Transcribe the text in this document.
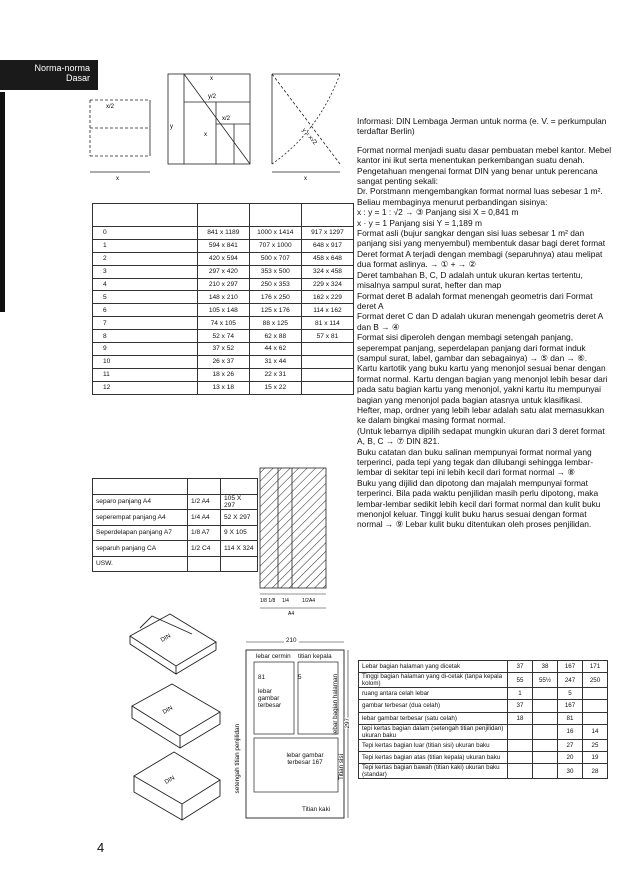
Norma-norma
Dasar
x/2
x
y/2
x/2
y
x
x
y = x√2
x

0	841 x 1189	1000 x 1414	917 x 1297
1	594 x 841	707 x 1000	648 x 917
2	420 x 594	500 x 707	458 x 648
3	297 x 420	353 x 500	324 x 458
4	210 x 297	250 x 353	229 x 324
5	148 x 210	176 x 250	162 x 229
6	105 x 148	125 x 176	114 x 162
7	74 x 105	88 x 125	81 x 114
8	52 x 74	62 x 88	57 x 81
9	37 x 52	44 x 62	
10	26 x 37	31 x 44	
11	18 x 26	22 x 31	
12	13 x 18	15 x 22	

Informasi: DIN Lembaga Jerman untuk norma (e. V. = perkumpulan terdaftar Berlin)

Format normal menjadi suatu dasar pembuatan mebel kantor. Mebel kantor ini ikut serta menentukan perkembangan suatu denah. Pengetahuan mengenai format DIN yang benar untuk perencana sangat penting sekali:

Dr. Porstmann mengembangkan format normal luas sebesar 1 m². Beliau membaginya menurut perbandingan sisinya:

x : y = 1 : √2 → ③ Panjang sisi X = 0,841 m

x · y = 1 Panjang sisi Y = 1,189 m

Format asli (bujur sangkar dengan sisi luas sebesar 1 m² dan panjang sisi yang menyembul) membentuk dasar bagi deret format

Deret format A terjadi dengan membagi (separuhnya) atau melipat dua format aslinya. → ① + → ②

Deret tambahan B, C, D adalah untuk ukuran kertas tertentu, misalnya sampul surat, hefter dan map

Format deret B adalah format menengah geometris dari Format deret A

Format deret C dan D adalah ukuran menengah geometris deret A dan B → ④

Format sisi diperoleh dengan membagi setengah panjang, seperempat panjang, seperdelapan panjang dari format induk (sampul surat, label, gambar dan sebagainya) → ⑤ dan → ⑥.

Kartu kartotik yang buku kartu yang menonjol sesuai benar dengan format normal. Kartu dengan bagian yang menonjol lebih besar dari pada satu bagian kartu yang menonjol, yakni kartu itu mempunyai bagian yang menonjol pada bagian atasnya untuk klasifikasi.

Hefter, map, ordner yang lebih lebar adalah satu alat memasukkan ke dalam bingkai masing format normal.

(Untuk lebarnya dipilih sedapat mungkin ukuran dari 3 deret format A, B, C → ⑦ DIN 821.

Buku catatan dan buku salinan mempunyai format normal yang terperinci, pada tepi yang tegak dan dilubangi sehingga lembar-lembar di sekitar tepi ini lebih kecil dari format normal → ⑧

Buku yang dijilid dan dipotong dan majalah mempunyai format terperinci. Bila pada waktu penjilidan masih perlu dipotong, maka lembar-lembar sedikit lebih kecil dari format normal dan kulit buku menonjol keluar. Tinggi kulit buku harus sesuai dengan format normal → ⑨ Lebar kulit buku ditentukan oleh proses penjilidan.

separo panjang A4	1/2 A4	105 X 297
seperempat panjang A4	1/4 A4	52 X 297
Seperdelapan panjang A7	1/8 A7	9 X 105
separuh panjang CA	1/2 C4	114 X 324
USW.		
1/8 1/8 1/4	1/2A4
A4
DIN
DIN
DIN
210
lebar cermin titian kepala
81	5
lebar gambar terbesar
lebar gambar terbesar 167
setengah titian penjilidan
lebar bagian halaman
Titian sisi
297
Titian kaki
Lebar bagian halaman yang dicetak	37	38	167	171
Tinggi bagian halaman yang di-cetak (tanpa kepala kolom)	55	55½	247	250
ruang antara celah lebar	1		5	
gambar terbesar (dua celah)	37		167	
lebar gambar terbesar (satu celah)	18		81	
tepi kertas bagian dalam (setengah titian penjilidan) ukuran baku			16	14
Tepi kertas bagian luar (titian sisi) ukuran baku			27	25
Tepi kertas bagian atas (titian kepala) ukuran baku			20	19
Tepi kertas bagian bawah (titian kaki) ukuran baku (standar)			30	28
4
